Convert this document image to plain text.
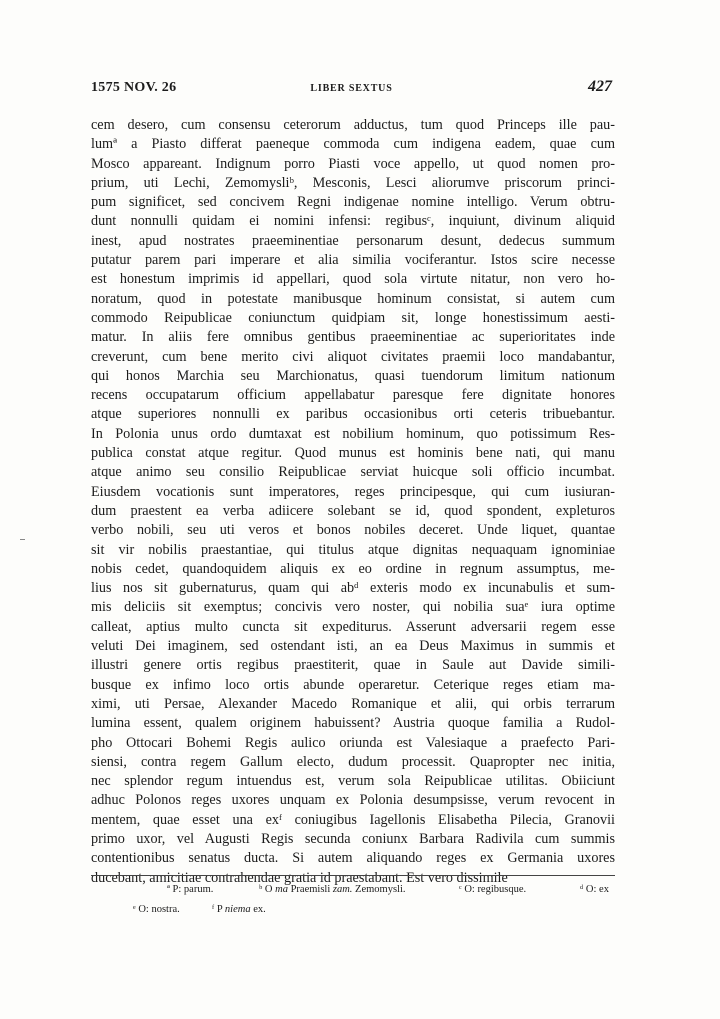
1575 NOV. 26	LIBER SEXTUS	427
cem desero, cum consensu ceterorum adductus, tum quod Princeps ille pau-
lumª a Piasto differat paeneque commoda cum indigena eadem, quae cum
Mosco appareant. Indignum porro Piasti voce appello, ut quod nomen pro-
prium, uti Lechi, Zemomysliᵇ, Mesconis, Lesci aliorumve priscorum princi-
pum significet, sed concivem Regni indigenae nomine intelligo. Verum obtru-
dunt nonnulli quidam ei nomini infensi: regibusᶜ, inquiunt, divinum aliquid
inest, apud nostrates praeeminentiae personarum desunt, dedecus summum
putatur parem pari imperare et alia similia vociferantur. Istos scire necesse
est honestum imprimis id appellari, quod sola virtute nitatur, non vero ho-
noratum, quod in potestate manibusque hominum consistat, si autem cum
commodo Reipublicae coniunctum quidpiam sit, longe honestissimum aesti-
matur. In aliis fere omnibus gentibus praeeminentiae ac superioritates inde
creverunt, cum bene merito civi aliquot civitates praemii loco mandabantur,
qui honos Marchia seu Marchionatus, quasi tuendorum limitum nationum
recens occupatarum officium appellabatur paresque fere dignitate honores
atque superiores nonnulli ex paribus occasionibus orti ceteris tribuebantur.
In Polonia unus ordo dumtaxat est nobilium hominum, quo potissimum Res-
publica constat atque regitur. Quod munus est hominis bene nati, qui manu
atque animo seu consilio Reipublicae serviat huicque soli officio incumbat.
Eiusdem vocationis sunt imperatores, reges principesque, qui cum iusiuran-
dum praestent ea verba adiicere solebant se id, quod spondent, expleturos
verbo nobili, seu uti veros et bonos nobiles deceret. Unde liquet, quantae
sit vir nobilis praestantiae, qui titulus atque dignitas nequaquam ignominiae
nobis cedet, quandoquidem aliquis ex eo ordine in regnum assumptus, me-
lius nos sit gubernaturus, quam qui abᵈ exteris modo ex incunabulis et sum-
mis deliciis sit exemptus; concivis vero noster, qui nobilia suaᵉ iura optime
calleat, aptius multo cuncta sit expediturus. Asserunt adversarii regem esse
veluti Dei imaginem, sed ostendant isti, an ea Deus Maximus in summis et
illustri genere ortis regibus praestiterit, quae in Saule aut Davide simili-
busque ex infimo loco ortis abunde operaretur. Ceterique reges etiam ma-
ximi, uti Persae, Alexander Macedo Romanique et alii, qui orbis terrarum
lumina essent, qualem originem habuissent? Austria quoque familia a Rudol-
pho Ottocari Bohemi Regis aulico oriunda est Valesiaque a praefecto Pari-
siensi, contra regem Gallum electo, dudum processit. Quapropter nec initia,
nec splendor regum intuendus est, verum sola Reipublicae utilitas. Obiiciunt
adhuc Polonos reges uxores unquam ex Polonia desumpsisse, verum revocent in
mentem, quae esset una exᶠ coniugibus Iagellonis Elisabetha Pilecia, Granovii
primo uxor, vel Augusti Regis secunda coniunx Barbara Radivila cum summis
contentionibus senatus ducta. Si autem aliquando reges ex Germania uxores
ducebant, amicitiae contrahendae gratia id praestabant. Est vero dissimile
ª P: parum.	ᵇ O ma Praemisli zam. Zemomysli.	ᶜ O: regibusque.	ᵈ O: ex
ᵉ O: nostra.	ᶠ P niema ex.
